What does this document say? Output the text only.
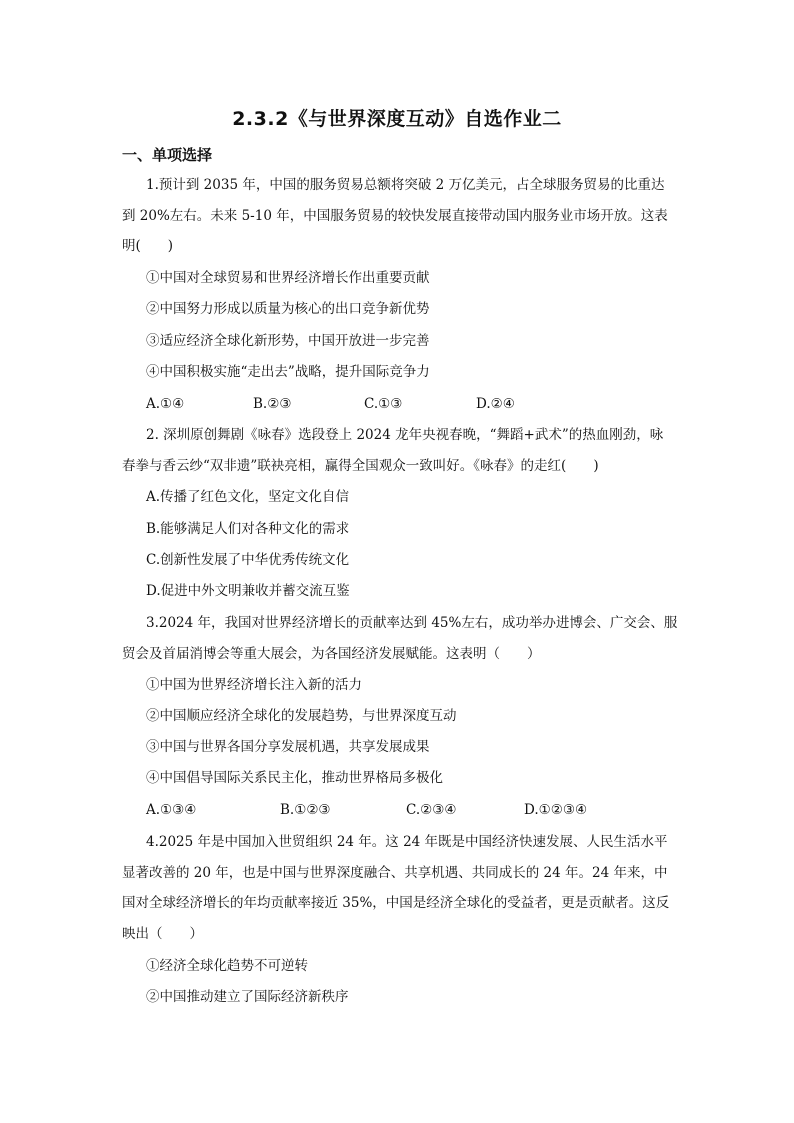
2.3.2《与世界深度互动》自选作业二
一、单项选择
1.预计到 2035 年，中国的服务贸易总额将突破 2 万亿美元，占全球服务贸易的比重达
到 20%左右。未来 5-10 年，中国服务贸易的较快发展直接带动国内服务业市场开放。这表
明(　　)
①中国对全球贸易和世界经济增长作出重要贡献
②中国努力形成以质量为核心的出口竞争新优势
③适应经济全球化新形势，中国开放进一步完善
④中国积极实施“走出去”战略，提升国际竞争力
A.①④	B.②③	C.①③	D.②④
2. 深圳原创舞剧《咏春》选段登上 2024 龙年央视春晚，“舞蹈+武术”的热血刚劲，咏
春拳与香云纱“双非遗”联袂亮相，赢得全国观众一致叫好。《咏春》的走红(　　)
A.传播了红色文化，坚定文化自信
B.能够满足人们对各种文化的需求
C.创新性发展了中华优秀传统文化
D.促进中外文明兼收并蓄交流互鉴
3.2024 年，我国对世界经济增长的贡献率达到 45%左右，成功举办进博会、广交会、服
贸会及首届消博会等重大展会，为各国经济发展赋能。这表明（　　）
①中国为世界经济增长注入新的活力
②中国顺应经济全球化的发展趋势，与世界深度互动
③中国与世界各国分享发展机遇，共享发展成果
④中国倡导国际关系民主化，推动世界格局多极化
A.①③④	B.①②③	C.②③④	D.①②③④
4.2025 年是中国加入世贸组织 24 年。这 24 年既是中国经济快速发展、人民生活水平
显著改善的 20 年，也是中国与世界深度融合、共享机遇、共同成长的 24 年。24 年来，中
国对全球经济增长的年均贡献率接近 35%，中国是经济全球化的受益者，更是贡献者。这反
映出（　　）
①经济全球化趋势不可逆转
②中国推动建立了国际经济新秩序
